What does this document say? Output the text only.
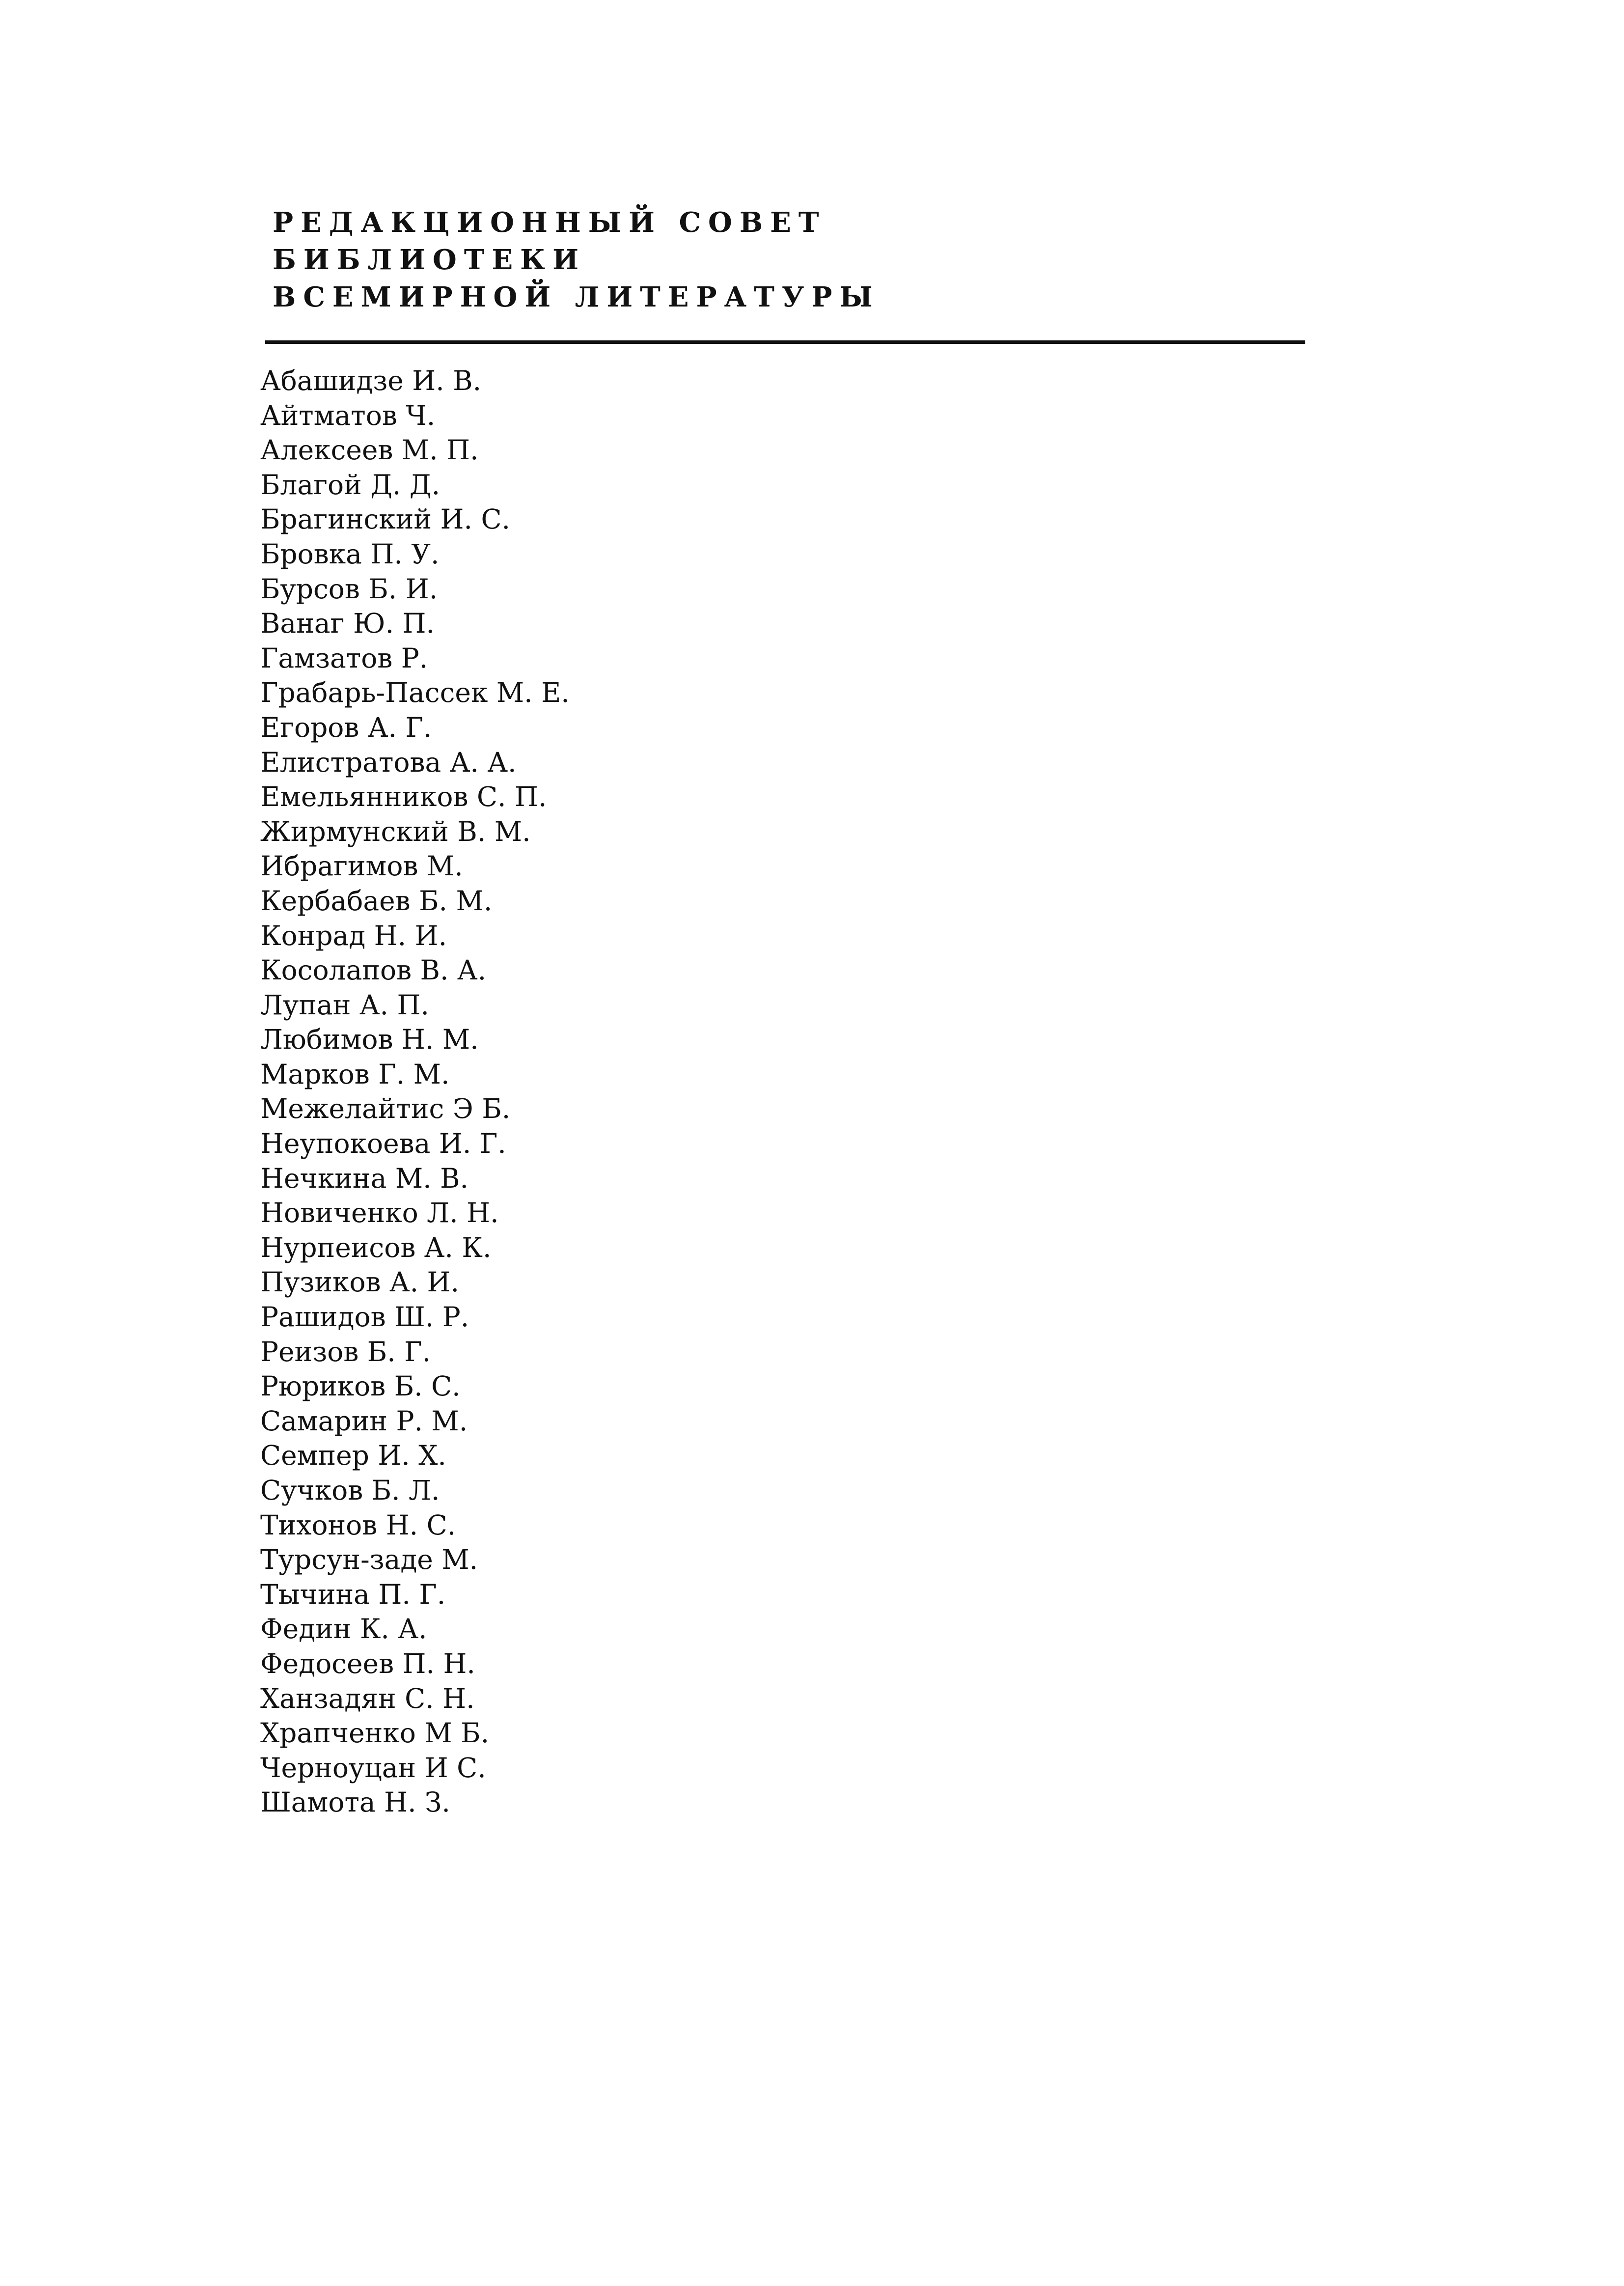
РЕДАКЦИОННЫЙ СОВЕТ
БИБЛИОТЕКИ
ВСЕМИРНОЙ ЛИТЕРАТУРЫ
Абашидзе И. В.
Айтматов Ч.
Алексеев М. П.
Благой Д. Д.
Брагинский И. С.
Бровка П. У.
Бурсов Б. И.
Ванаг Ю. П.
Гамзатов Р.
Грабарь-Пассек М. Е.
Егоров А. Г.
Елистратова А. А.
Емельянников С. П.
Жирмунский В. М.
Ибрагимов М.
Кербабаев Б. М.
Конрад Н. И.
Косолапов В. А.
Лупан А. П.
Любимов Н. М.
Марков Г. М.
Межелайтис Э Б.
Неупокоева И. Г.
Нечкина М. В.
Новиченко Л. Н.
Нурпеисов А. К.
Пузиков А. И.
Рашидов Ш. Р.
Реизов Б. Г.
Рюриков Б. С.
Самарин Р. М.
Семпер И. Х.
Сучков Б. Л.
Тихонов Н. С.
Турсун-заде М.
Тычина П. Г.
Федин К. А.
Федосеев П. Н.
Ханзадян С. Н.
Храпченко М Б.
Черноуцан И С.
Шамота Н. З.
